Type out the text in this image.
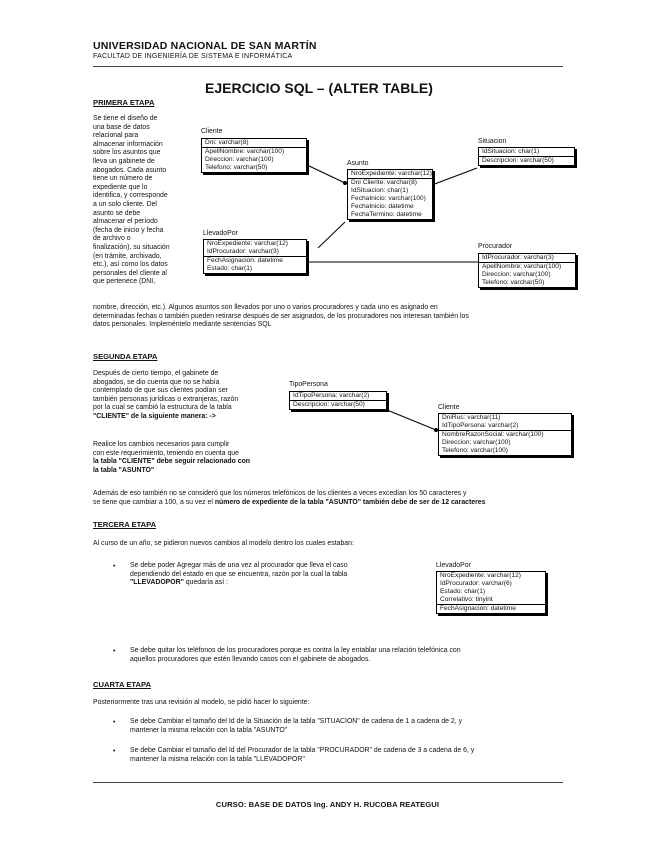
UNIVERSIDAD NACIONAL DE SAN MARTÍN
FACULTAD DE INGENIERÍA DE SISTEMA E INFORMÁTICA
EJERCICIO SQL – (ALTER TABLE)
PRIMERA ETAPA
Se tiene el diseño de
una base de datos
relacional para
almacenar información
sobre los asuntos que
lleva un gabinete de
abogados. Cada asunto
tiene un número de
expediente que lo
identifica, y corresponde
a un solo cliente. Del
asunto se debe
almacenar el período
(fecha de inicio y fecha
de archivo o
finalización), su situación
(en trámite, archivado,
etc.), así como los datos
personales del cliente al
que pertenece (DNI,
nombre, dirección, etc.). Algunos asuntos son llevados por uno o varios procuradores y cada uno es asignado en
determinadas fechas o también pueden retirarse después de ser asignados, de los procuradores nos interesan también los
datos personales. Impleméntelo mediante sentencias SQL
Cliente
Dni: varchar(8)
ApellNombre: varchar(100)
Direccion: varchar(100)
Telefono: varchar(50)
Situacion
IdSituacion: char(1)
Descripcion: varchar(50)
Asunto
NroExpediente: varchar(12)
Dni Cliente: varchar(8)
IdSituacion: char(1)
FechaInicio: varchar(100)
FechaInicio: datetime
FechaTermino: datetime
LlevadoPor
NroExpediente: varchar(12)
IdProcurador: varchar(3)
FechAsignacion: datetime
Estado: char(1)
Procurador
IdProcurador: varchar(3)
ApellNombre: varchar(100)
Direccion: varchar(100)
Telefono: varchar(50)
SEGUNDA ETAPA
Después de cierto tiempo, el gabinete de
abogados, se dio cuenta que no se había
contemplado de que sus clientes podían ser
también personas jurídicas o extranjeras, razón
por la cual se cambió la estructura de la tabla
"CLIENTE" de la siguiente manera: ->
Realice los cambios necesarios para cumplir
con este requerimiento, teniendo en cuenta que
la tabla "CLIENTE" debe seguir relacionado con
la tabla "ASUNTO"
Además de eso también no se consideró que los números telefónicos de los clientes a veces excedían los 50 caracteres y
se tiene que cambiar a 100, a su vez el número de expediente de la tabla "ASUNTO" también debe de ser de 12 caracteres
TipoPersona
IdTipoPersona: varchar(2)
Descripcion: varchar(50)	Cliente
DniRuc: varchar(11)
IdTipoPersona: varchar(2)
NombreRazonSocial: varchar(100)
Direccion: varchar(100)
Telefono: varchar(100)
TERCERA ETAPA
Al curso de un año, se pidieron nuevos cambios al modelo dentro los cuales estaban:
• Se debe poder Agregar más de una vez al procurador que lleva el caso
dependiendo del estado en que se encuentra, razón por la cual la tabla
"LLEVADOPOR" quedaría así :
• Se debe quitar los teléfonos de los procuradores porque es contra la ley entablar una relación telefónica con
aquellos procuradores que estén llevando casos con el gabinete de abogados.
LlevadoPor
NroExpediente: varchar(12)
IdProcurador: varchar(6)
Estado: char(1)
Correlativo: tinyint
FechAsignacion: datetime
CUARTA ETAPA
Posteriormente tras una revisión al modelo, se pidió hacer lo siguiente:
• Se debe Cambiar el tamaño del Id de la Situación de la tabla "SITUACION" de cadena de 1 a cadena de 2, y
mantener la misma relación con la tabla "ASUNTO"
• Se debe Cambiar el tamaño del Id del Procurador de la tabla "PROCURADOR" de cadena de 3 a cadena de 6, y
mantener la misma relación con la tabla "LLEVADOPOR"
CURSO: BASE DE DATOS Ing. ANDY H. RUCOBA REATEGUI
